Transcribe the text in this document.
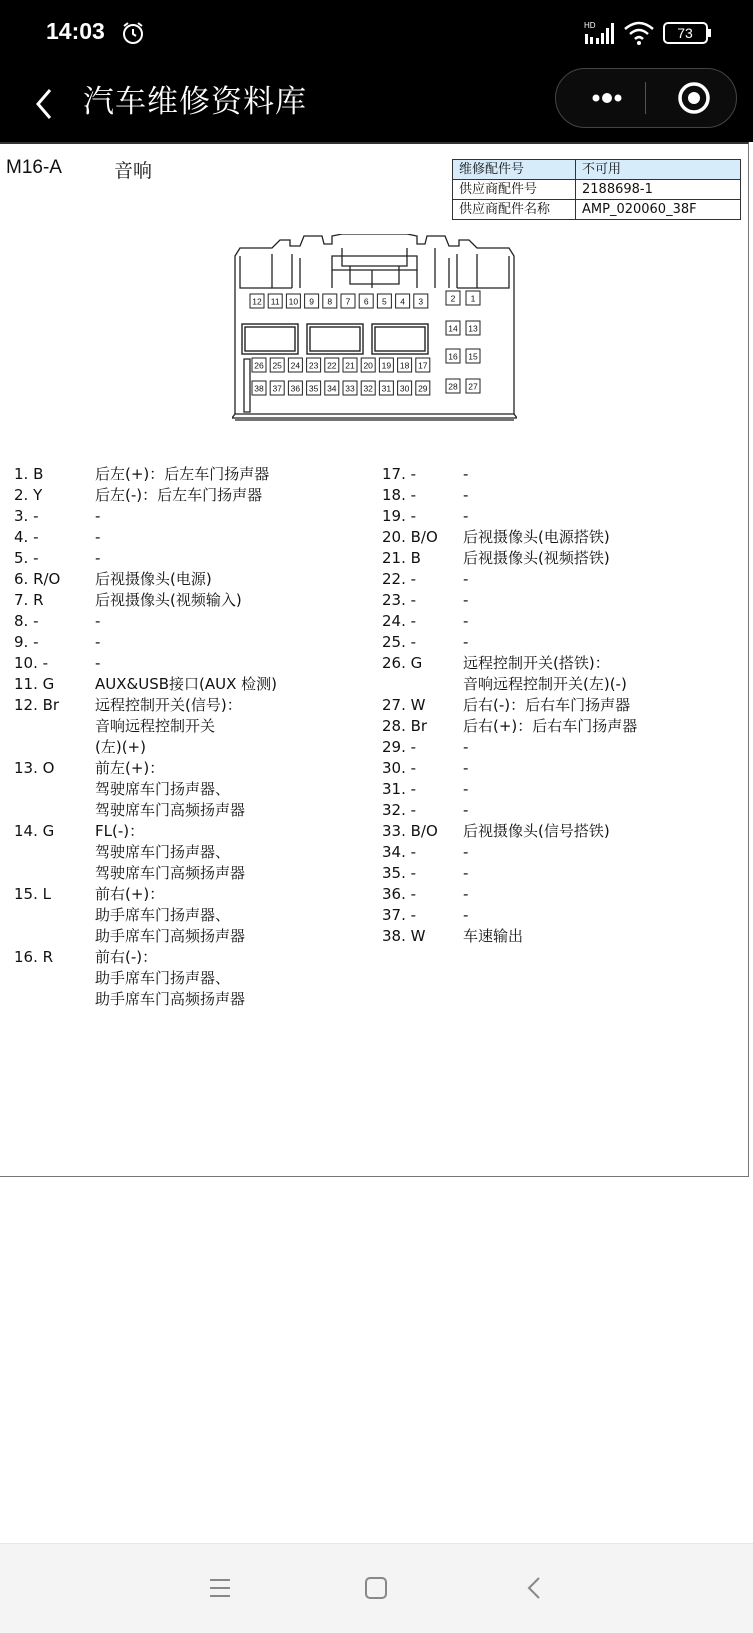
14:03	HD	73
汽车维修资料库
M16-A	音响	维修配件号	不可用
供应商配件号	2188698-1
供应商配件名称	AMP_020060_38F
12 11 10 9 8 7 6 5 4 3	2 1
14 13
26 25 24 23 22 21 20 19 18 17
16 15
38 37 36 35 34 33 32 31 30 29 28 27
1. B	后左(+)：后左车门扬声器
2. Y	后左(-)：后左车门扬声器
3. -	-
4. -	-
5. -	-
6. R/O 后视摄像头(电源)
7. R	后视摄像头(视频输入)
8. -	-
9. -	-
10. -	-
11. G	AUX&USB接口(AUX 检测)
12. Br 远程控制开关(信号)：
音响远程控制开关
(左)(+)
13. O	前左(+)：
驾驶席车门扬声器、
驾驶席车门高频扬声器
14. G	FL(-)：
驾驶席车门扬声器、
驾驶席车门高频扬声器
15. L	前右(+)：
助手席车门扬声器、
助手席车门高频扬声器
16. R	前右(-)：
助手席车门扬声器、
助手席车门高频扬声器
17. -	-
18. -	-
19. -	-
20. B/O 后视摄像头(电源搭铁)
21. B	后视摄像头(视频搭铁)
22. -	-
23. -	-
24. -	-
25. -	-
26. G	远程控制开关(搭铁)：
音响远程控制开关(左)(-)
27. W	后右(-)：后右车门扬声器
28. Br 后右(+)：后右车门扬声器
29. -	-
30. -	-
31. -	-
32. -	-
33. B/O 后视摄像头(信号搭铁)
34. -	-
35. -	-
36. -	-
37. -	-
38. W	车速输出
